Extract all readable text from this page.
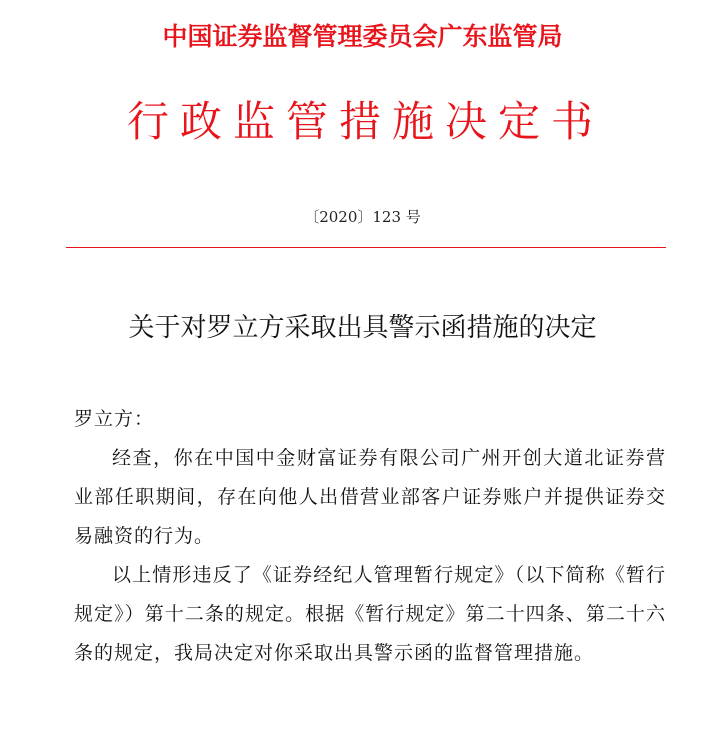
中国证券监督管理委员会广东监管局
行政监管措施决定书
〔2020〕123 号
关于对罗立方采取出具警示函措施的决定

罗立方：

经查，你在中国中金财富证券有限公司广州开创大道北证券营业部任职期间，存在向他人出借营业部客户证券账户并提供证券交易融资的行为。

以上情形违反了《证券经纪人管理暂行规定》（以下简称《暂行规定》）第十二条的规定。根据《暂行规定》第二十四条、第二十六条的规定，我局决定对你采取出具警示函的监督管理措施。
